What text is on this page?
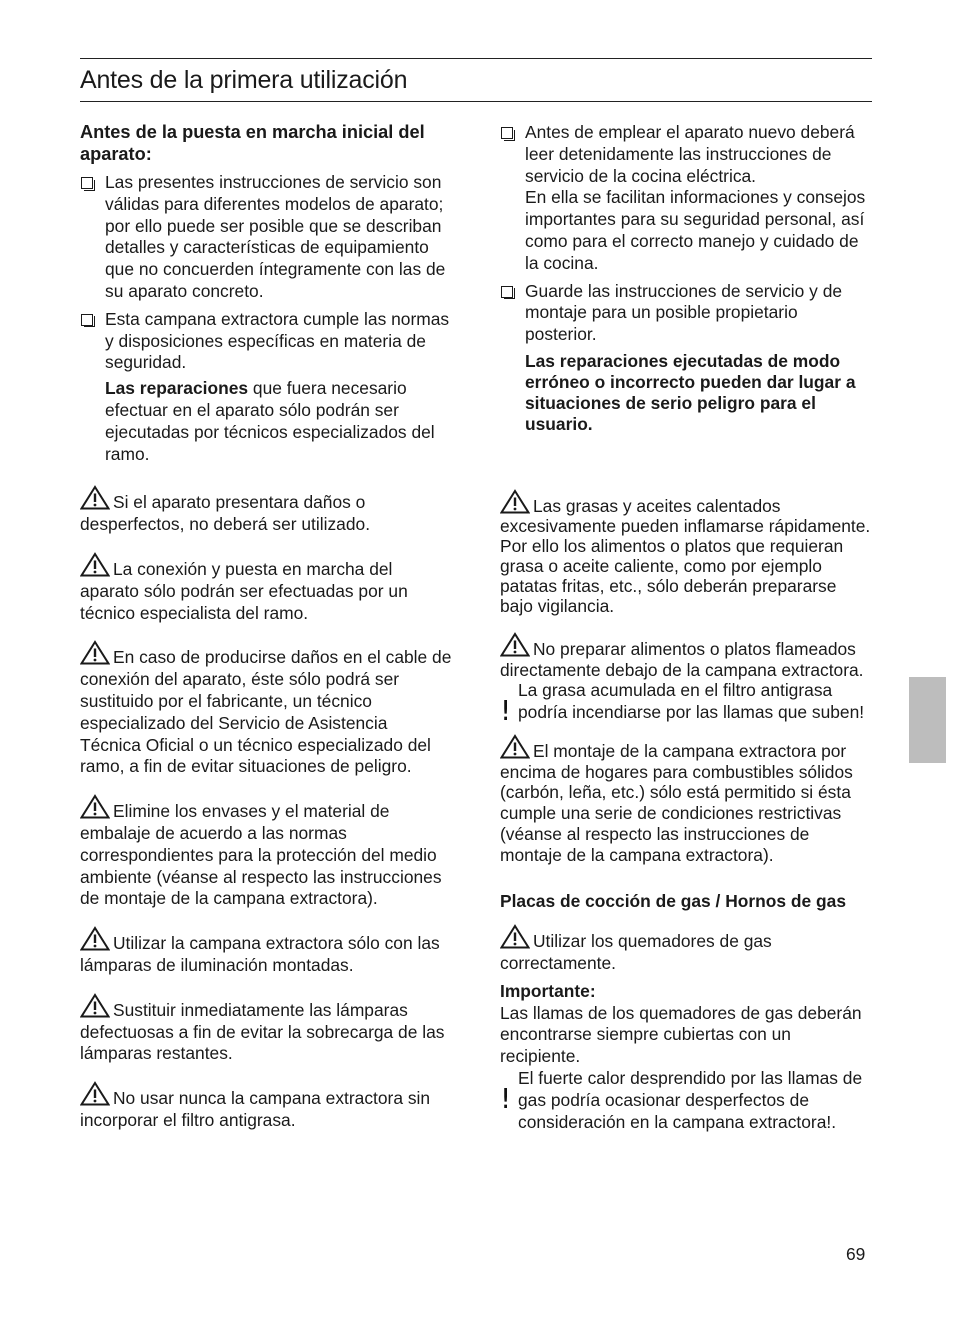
Antes de la primera utilización
Antes de la puesta en marcha inicial del aparato:

Las presentes instrucciones de servicio son válidas para diferentes modelos de aparato; por ello puede ser posible que se describan detalles y características de equipamiento que no concuerden íntegramente con las de su aparato concreto.

Esta campana extractora cumple las normas y disposiciones específicas en materia de seguridad.

Las reparaciones que fuera necesario efectuar en el aparato sólo podrán ser ejecutadas por técnicos especializados del ramo.

Si el aparato presentara daños o desperfectos, no deberá ser utilizado.

La conexión y puesta en marcha del aparato sólo podrán ser efectuadas por un técnico especialista del ramo.

En caso de producirse daños en el cable de conexión del aparato, éste sólo podrá ser sustituido por el fabricante, un técnico especializado del Servicio de Asistencia Técnica Oficial o un técnico especializado del ramo, a fin de evitar situaciones de peligro.

Elimine los envases y el material de embalaje de acuerdo a las normas correspondientes para la protección del medio ambiente (véanse al respecto las instrucciones de montaje de la campana extractora).

Utilizar la campana extractora sólo con las lámparas de iluminación montadas.

Sustituir inmediatamente las lámparas defectuosas a fin de evitar la sobrecarga de las lámparas restantes.

No usar nunca la campana extractora sin incorporar el filtro antigrasa.

Antes de emplear el aparato nuevo deberá leer detenidamente las instrucciones de servicio de la cocina eléctrica.

En ella se facilitan informaciones y consejos importantes para su seguridad personal, así como para el correcto manejo y cuidado de la cocina.

Guarde las instrucciones de servicio y de montaje para un posible propietario posterior.

Las reparaciones ejecutadas de modo erróneo o incorrecto pueden dar lugar a situaciones de serio peligro para el usuario.

Las grasas y aceites calentados excesivamente pueden inflamarse rápidamente. Por ello los alimentos o platos que requieran grasa o aceite caliente, como por ejemplo patatas fritas, etc., sólo deberán prepararse bajo vigilancia.

No preparar alimentos o platos flameados directamente debajo de la campana extractora.

!

La grasa acumulada en el filtro antigrasa podría incendiarse por las llamas que suben!

El montaje de la campana extractora por encima de hogares para combustibles sólidos (carbón, leña, etc.) sólo está permitido si ésta cumple una serie de condiciones restrictivas (véanse al respecto las instrucciones de montaje de la campana extractora).

Placas de cocción de gas / Hornos de gas

Utilizar los quemadores de gas correctamente.

Importante:

Las llamas de los quemadores de gas deberán encontrarse siempre cubiertas con un recipiente.

!

El fuerte calor desprendido por las llamas de gas podría ocasionar desperfectos de consideración en la campana extractora!.

69
